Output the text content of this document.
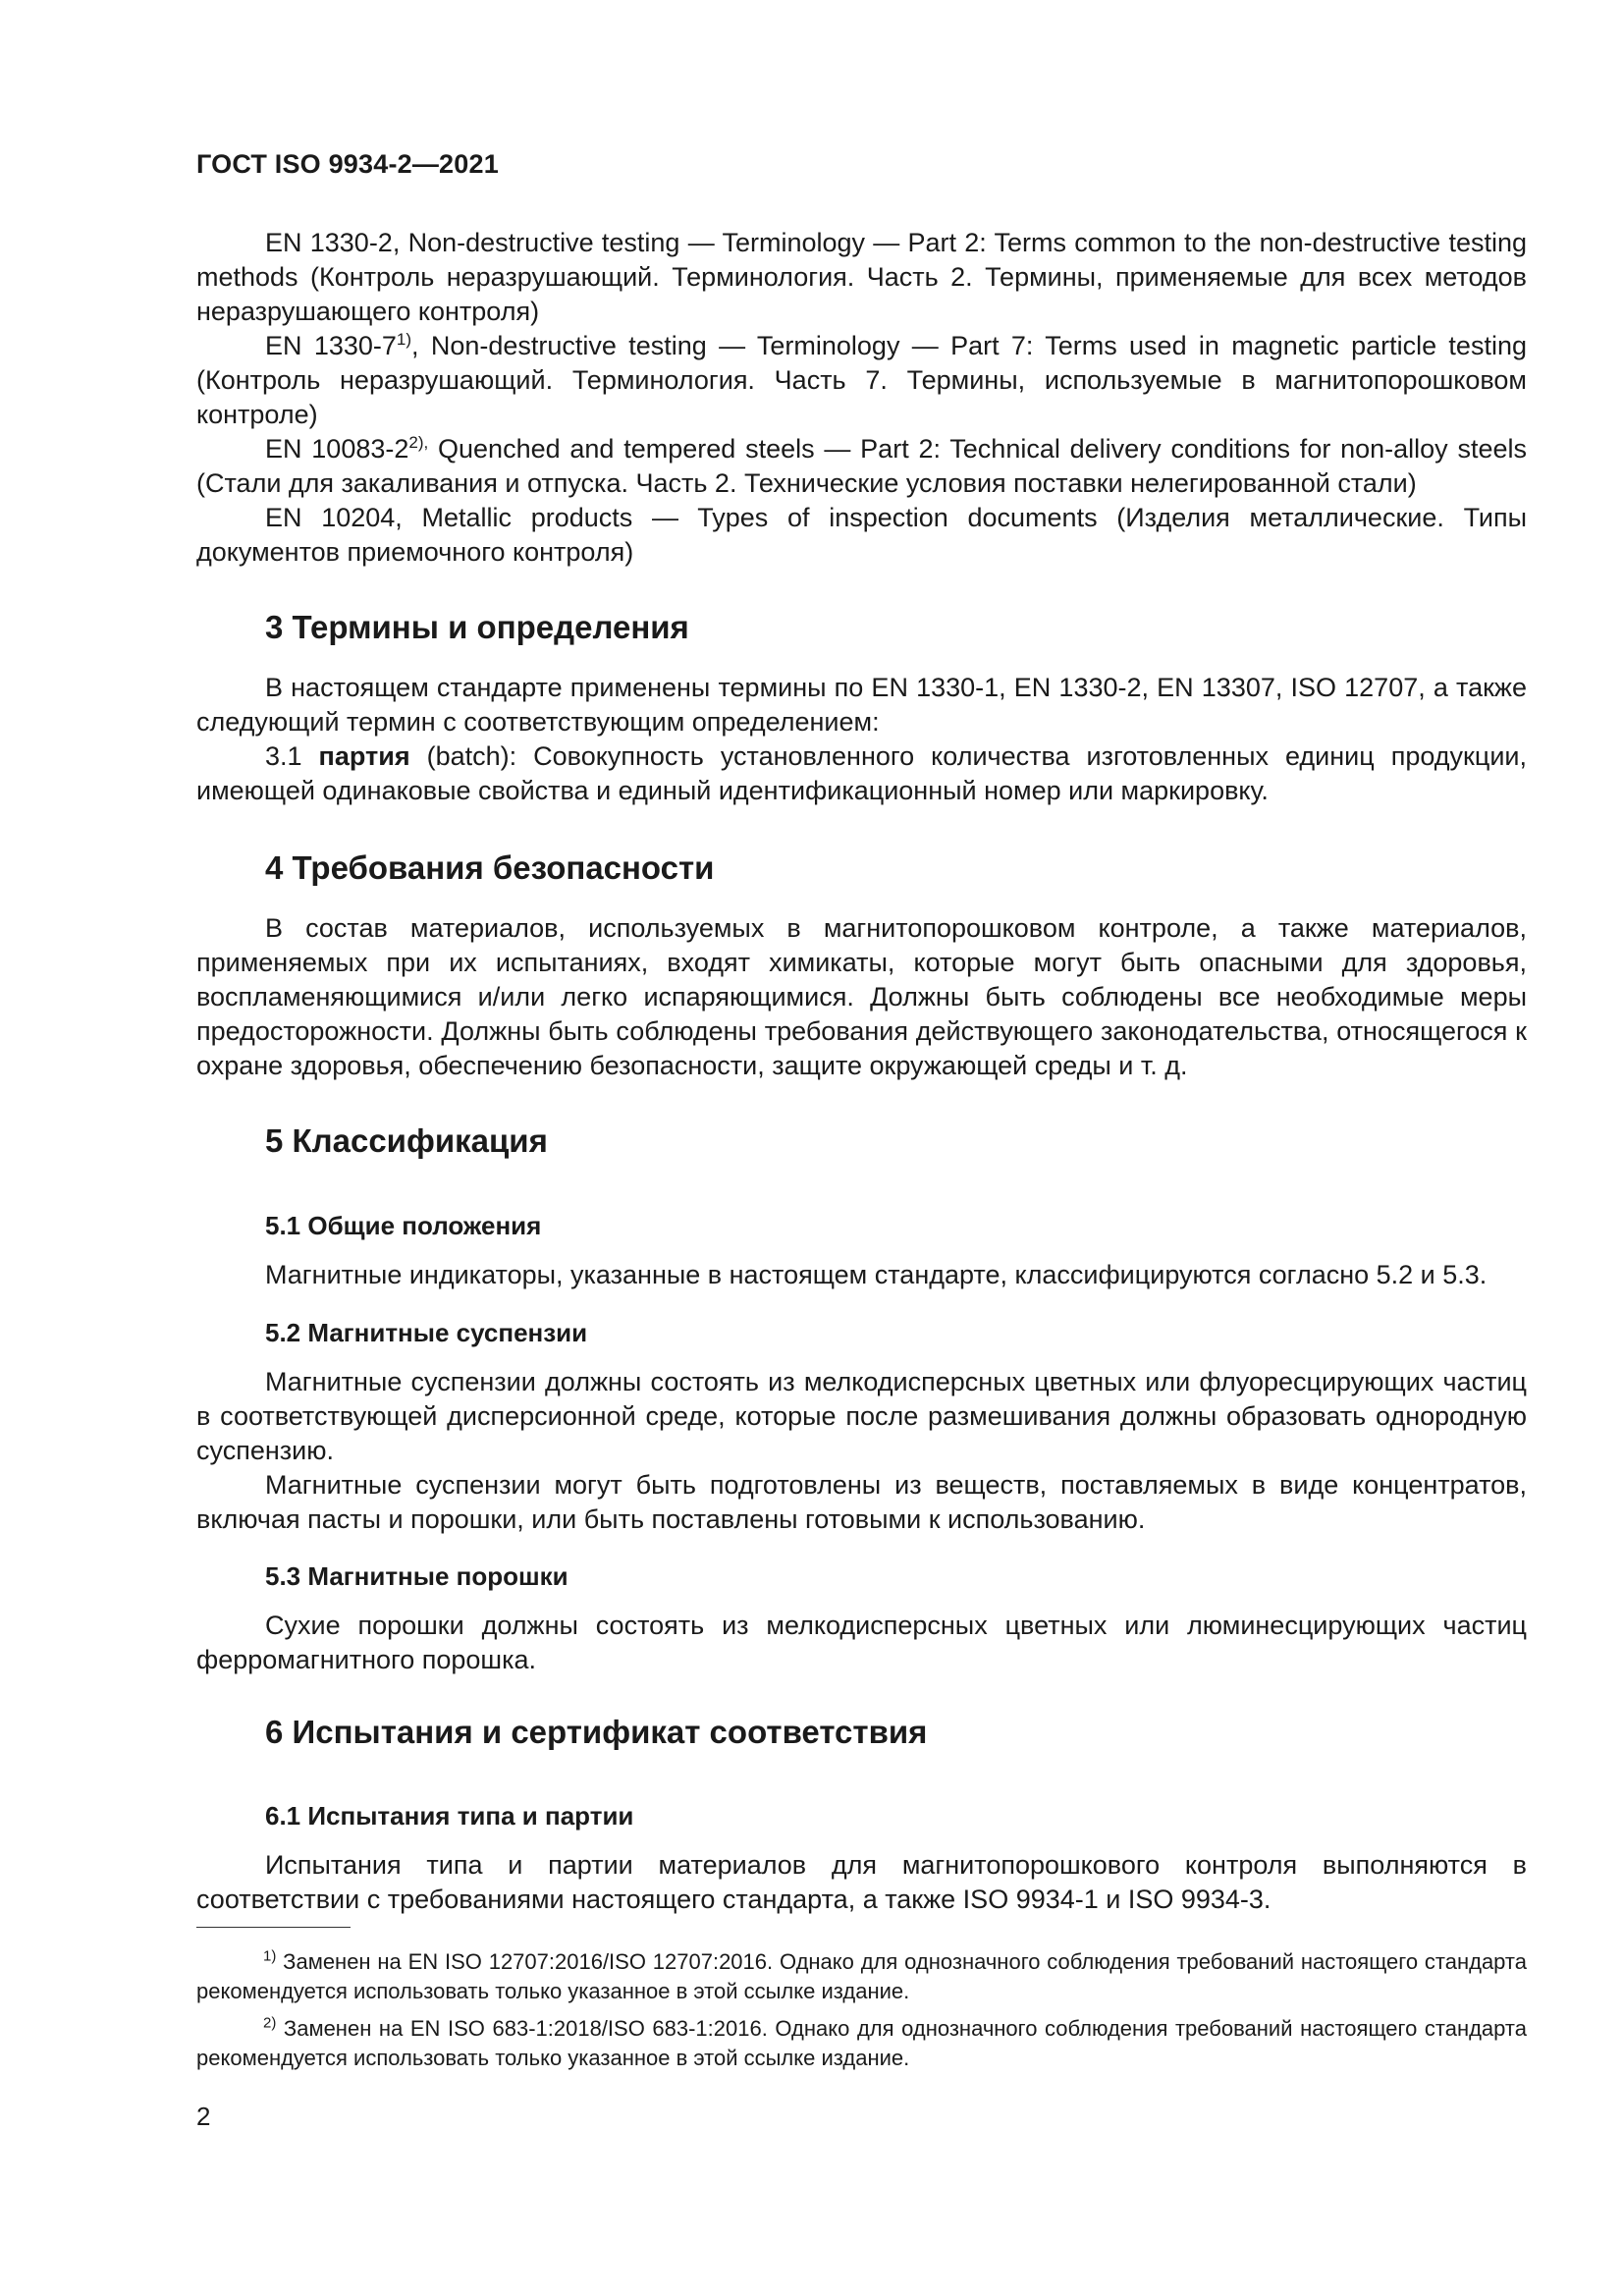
ГОСТ ISO 9934-2—2021

EN 1330-2, Non-destructive testing — Terminology — Part 2: Terms common to the non-destructive testing methods (Контроль неразрушающий. Терминология. Часть 2. Термины, применяемые для всех методов неразрушающего контроля)

EN 1330-7$^{1)}$, Non-destructive testing — Terminology — Part 7: Terms used in magnetic particle testing (Контроль неразрушающий. Терминология. Часть 7. Термины, используемые в магнитопорошковом контроле)

EN $10083-2^{2),}$ Quenched and tempered steels — Part 2: Technical delivery conditions for non-alloy steels (Стали для закаливания и отпуска. Часть 2. Технические условия поставки нелегированной стали)

EN 10204, Metallic products — Types of inspection documents (Изделия металлические. Типы документов приемочного контроля)

3 Термины и определения

В настоящем стандарте применены термины по EN 1330-1, EN 1330-2, EN 13307, ISO 12707, а также следующий термин с соответствующим определением:

3.1 партия (batch): Совокупность установленного количества изготовленных единиц продукции, имеющей одинаковые свойства и единый идентификационный номер или маркировку.

4 Требования безопасности

В состав материалов, используемых в магнитопорошковом контроле, а также материалов, применяемых при их испытаниях, входят химикаты, которые могут быть опасными для здоровья, воспламеняющимися и/или легко испаряющимися. Должны быть соблюдены все необходимые меры предосторожности. Должны быть соблюдены требования действующего законодательства, относящегося к охране здоровья, обеспечению безопасности, защите окружающей среды и т. д.

5 Классификация
5.1 Общие положения

Магнитные индикаторы, указанные в настоящем стандарте, классифицируются согласно 5.2 и 5.3.

5.2 Магнитные суспензии

Магнитные суспензии должны состоять из мелкодисперсных цветных или флуоресцирующих частиц в соответствующей дисперсионной среде, которые после размешивания должны образовать однородную суспензию.

Магнитные суспензии могут быть подготовлены из веществ, поставляемых в виде концентратов, включая пасты и порошки, или быть поставлены готовыми к использованию.

5.3 Магнитные порошки

Сухие порошки должны состоять из мелкодисперсных цветных или люминесцирующих частиц ферромагнитного порошка.

6 Испытания и сертификат соответствия
6.1 Испытания типа и партии

Испытания типа и партии материалов для магнитопорошкового контроля выполняются в соответствии с требованиями настоящего стандарта, а также ISO 9934-1 и ISO 9934-3.

$^{1)}$ Заменен на EN ISO 12707:2016/ISO 12707:2016. Однако для однозначного соблюдения требований настоящего стандарта рекомендуется использовать только указанное в этой ссылке издание.

$^{2)}$ Заменен на EN ISO 683-1:2018/ISO 683-1:2016. Однако для однозначного соблюдения требований настоящего стандарта рекомендуется использовать только указанное в этой ссылке издание.

2
